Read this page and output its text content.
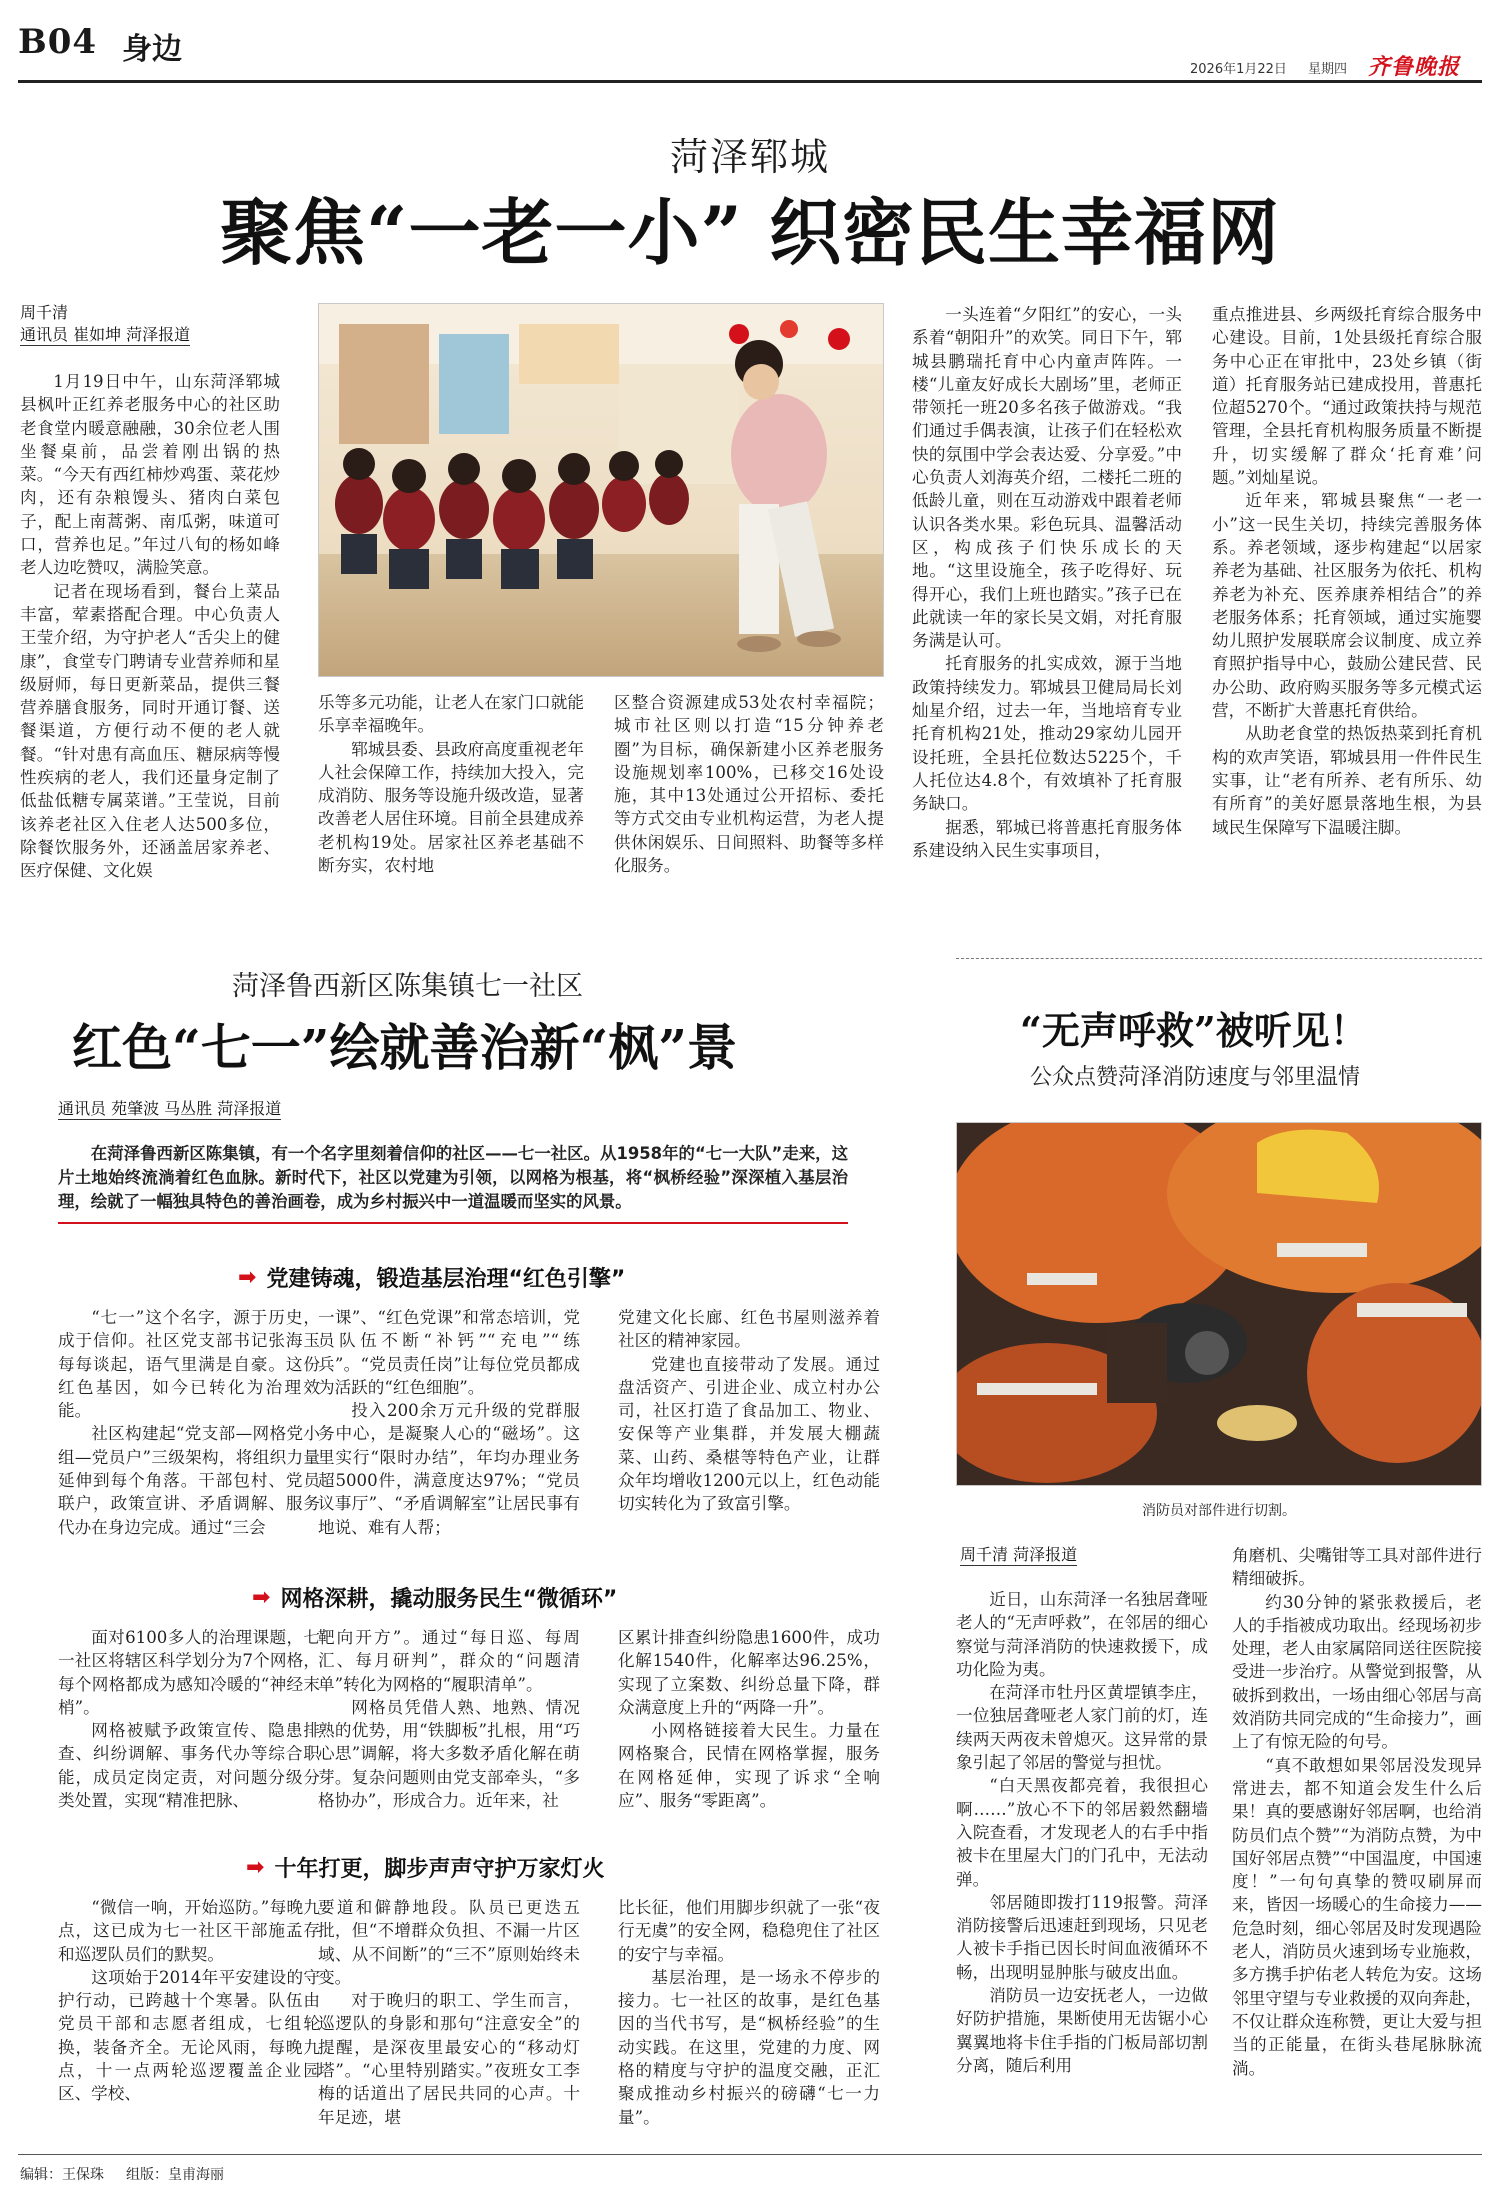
B04 身边
2026年1月22日 星期四 齐鲁晚报
菏泽郓城
聚焦“一老一小” 织密民生幸福网
周千清
通讯员 崔如坤 菏泽报道

1月19日中午，山东菏泽郓城县枫叶正红养老服务中心的社区助老食堂内暖意融融，30余位老人围坐餐桌前，品尝着刚出锅的热菜。“今天有西红柿炒鸡蛋、菜花炒肉，还有杂粮馒头、猪肉白菜包子，配上南蒿粥、南瓜粥，味道可口，营养也足。”年过八旬的杨如峰老人边吃赞叹，满脸笑意。

记者在现场看到，餐台上菜品丰富，荤素搭配合理。中心负责人王莹介绍，为守护老人“舌尖上的健康”，食堂专门聘请专业营养师和星级厨师，每日更新菜品，提供三餐营养膳食服务，同时开通订餐、送餐渠道，方便行动不便的老人就餐。“针对患有高血压、糖尿病等慢性疾病的老人，我们还量身定制了低盐低糖专属菜谱。”王莹说，目前该养老社区入住老人达500多位，除餐饮服务外，还涵盖居家养老、医疗保健、文化娱

乐等多元功能，让老人在家门口就能乐享幸福晚年。

郓城县委、县政府高度重视老年人社会保障工作，持续加大投入，完成消防、服务等设施升级改造，显著改善老人居住环境。目前全县建成养老机构19处。居家社区养老基础不断夯实，农村地

区整合资源建成53处农村幸福院；城市社区则以打造“15分钟养老圈”为目标，确保新建小区养老服务设施规划率100%，已移交16处设施，其中13处通过公开招标、委托等方式交由专业机构运营，为老人提供休闲娱乐、日间照料、助餐等多样化服务。

一头连着“夕阳红”的安心，一头系着“朝阳升”的欢笑。同日下午，郓城县鹏瑞托育中心内童声阵阵。一楼“儿童友好成长大剧场”里，老师正带领托一班20多名孩子做游戏。“我们通过手偶表演，让孩子们在轻松欢快的氛围中学会表达爱、分享爱。”中心负责人刘海英介绍，二楼托二班的低龄儿童，则在互动游戏中跟着老师认识各类水果。彩色玩具、温馨活动区，构成孩子们快乐成长的天地。“这里设施全，孩子吃得好、玩得开心，我们上班也踏实。”孩子已在此就读一年的家长吴文娟，对托育服务满是认可。

托育服务的扎实成效，源于当地政策持续发力。郓城县卫健局局长刘灿星介绍，过去一年，当地培育专业托育机构21处，推动29家幼儿园开设托班，全县托位数达5225个，千人托位达4.8个，有效填补了托育服务缺口。

据悉，郓城已将普惠托育服务体系建设纳入民生实事项目，

重点推进县、乡两级托育综合服务中心建设。目前，1处县级托育综合服务中心正在审批中，23处乡镇（街道）托育服务站已建成投用，普惠托位超5270个。“通过政策扶持与规范管理，全县托育机构服务质量不断提升，切实缓解了群众‘托育难’问题。”刘灿星说。

近年来，郓城县聚焦“一老一小”这一民生关切，持续完善服务体系。养老领域，逐步构建起“以居家养老为基础、社区服务为依托、机构养老为补充、医养康养相结合”的养老服务体系；托育领域，通过实施婴幼儿照护发展联席会议制度、成立养育照护指导中心，鼓励公建民营、民办公助、政府购买服务等多元模式运营，不断扩大普惠托育供给。

从助老食堂的热饭热菜到托育机构的欢声笑语，郓城县用一件件民生实事，让“老有所养、老有所乐、幼有所育”的美好愿景落地生根，为县域民生保障写下温暖注脚。

菏泽鲁西新区陈集镇七一社区
红色“七一”绘就善治新“枫”景
通讯员 苑肇波 马丛胜 菏泽报道
在菏泽鲁西新区陈集镇，有一个名字里刻着信仰的社区——七一社区。从1958年的“七一大队”走来，这片土地始终流淌着红色血脉。新时代下，社区以党建为引领，以网格为根基，将“枫桥经验”深深植入基层治理，绘就了一幅独具特色的善治画卷，成为乡村振兴中一道温暖而坚实的风景。
➡ 党建铸魂，锻造基层治理“红色引擎”

“七一”这个名字，源于历史，成于信仰。社区党支部书记张海玉每每谈起，语气里满是自豪。这份红色基因，如今已转化为治理效能。

社区构建起“党支部—网格党小组—党员户”三级架构，将组织力量延伸到每个角落。干部包村、党员联户，政策宣讲、矛盾调解、服务代办在身边完成。通过“三会

一课”、“红色党课”和常态培训，党员队伍不断“补钙”“充电”“练兵”。“党员责任岗”让每位党员都成为活跃的“红色细胞”。

投入200余万元升级的党群服务中心，是凝聚人心的“磁场”。这里实行“限时办结”，年均办理业务超5000件，满意度达97%；“党员议事厅”、“矛盾调解室”让居民事有地说、难有人帮；

党建文化长廊、红色书屋则滋养着社区的精神家园。

党建也直接带动了发展。通过盘活资产、引进企业、成立村办公司，社区打造了食品加工、物业、安保等产业集群，并发展大棚蔬菜、山药、桑椹等特色产业，让群众年均增收1200元以上，红色动能切实转化为了致富引擎。

➡ 网格深耕，撬动服务民生“微循环”

面对6100多人的治理课题，七一社区将辖区科学划分为7个网格，每个网格都成为感知冷暖的“神经末梢”。

网格被赋予政策宣传、隐患排查、纠纷调解、事务代办等综合职能，成员定岗定责，对问题分级分类处置，实现“精准把脉、

靶向开方”。通过“每日巡、每周汇、每月研判”，群众的“问题清单”转化为网格的“履职清单”。

网格员凭借人熟、地熟、情况熟的优势，用“铁脚板”扎根，用“巧心思”调解，将大多数矛盾化解在萌芽。复杂问题则由党支部牵头，“多格协办”，形成合力。近年来，社

区累计排查纠纷隐患1600件，成功化解1540件，化解率达96.25%，实现了立案数、纠纷总量下降，群众满意度上升的“两降一升”。

小网格链接着大民生。力量在网格聚合，民情在网格掌握，服务在网格延伸，实现了诉求“全响应”、服务“零距离”。

➡ 十年打更，脚步声声守护万家灯火

“微信一响，开始巡防。”每晚九点，这已成为七一社区干部施孟存和巡逻队员们的默契。

这项始于2014年平安建设的守护行动，已跨越十个寒暑。队伍由党员干部和志愿者组成，七组轮换，装备齐全。无论风雨，每晚九点，十一点两轮巡逻覆盖企业园区、学校、

要道和僻静地段。队员已更迭五批，但“不增群众负担、不漏一片区域、从不间断”的“三不”原则始终未变。

对于晚归的职工、学生而言，巡逻队的身影和那句“注意安全”的提醒，是深夜里最安心的“移动灯塔”。“心里特别踏实。”夜班女工李梅的话道出了居民共同的心声。十年足迹，堪

比长征，他们用脚步织就了一张“夜行无虞”的安全网，稳稳兜住了社区的安宁与幸福。

基层治理，是一场永不停步的接力。七一社区的故事，是红色基因的当代书写，是“枫桥经验”的生动实践。在这里，党建的力度、网格的精度与守护的温度交融，正汇聚成推动乡村振兴的磅礴“七一力量”。

“无声呼救”被听见！
公众点赞菏泽消防速度与邻里温情
消防员对部件进行切割。
周千清 菏泽报道

近日，山东菏泽一名独居聋哑老人的“无声呼救”，在邻居的细心察觉与菏泽消防的快速救援下，成功化险为夷。

在菏泽市牡丹区黄堽镇李庄，一位独居聋哑老人家门前的灯，连续两天两夜未曾熄灭。这异常的景象引起了邻居的警觉与担忧。

“白天黑夜都亮着，我很担心啊……”放心不下的邻居毅然翻墙入院查看，才发现老人的右手中指被卡在里屋大门的门孔中，无法动弹。

邻居随即拨打119报警。菏泽消防接警后迅速赶到现场，只见老人被卡手指已因长时间血液循环不畅，出现明显肿胀与破皮出血。

消防员一边安抚老人，一边做好防护措施，果断使用无齿锯小心翼翼地将卡住手指的门板局部切割分离，随后利用

角磨机、尖嘴钳等工具对部件进行精细破拆。

约30分钟的紧张救援后，老人的手指被成功取出。经现场初步处理，老人由家属陪同送往医院接受进一步治疗。从警觉到报警，从破拆到救出，一场由细心邻居与高效消防共同完成的“生命接力”，画上了有惊无险的句号。

“真不敢想如果邻居没发现异常进去，都不知道会发生什么后果！真的要感谢好邻居啊，也给消防员们点个赞”“为消防点赞，为中国好邻居点赞”“中国温度，中国速度！”一句句真挚的赞叹刷屏而来，皆因一场暖心的生命接力——危急时刻，细心邻居及时发现遇险老人，消防员火速到场专业施救，多方携手护佑老人转危为安。这场邻里守望与专业救援的双向奔赴，不仅让群众连称赞，更让大爱与担当的正能量，在街头巷尾脉脉流淌。

编辑：王保珠 组版：皇甫海丽
